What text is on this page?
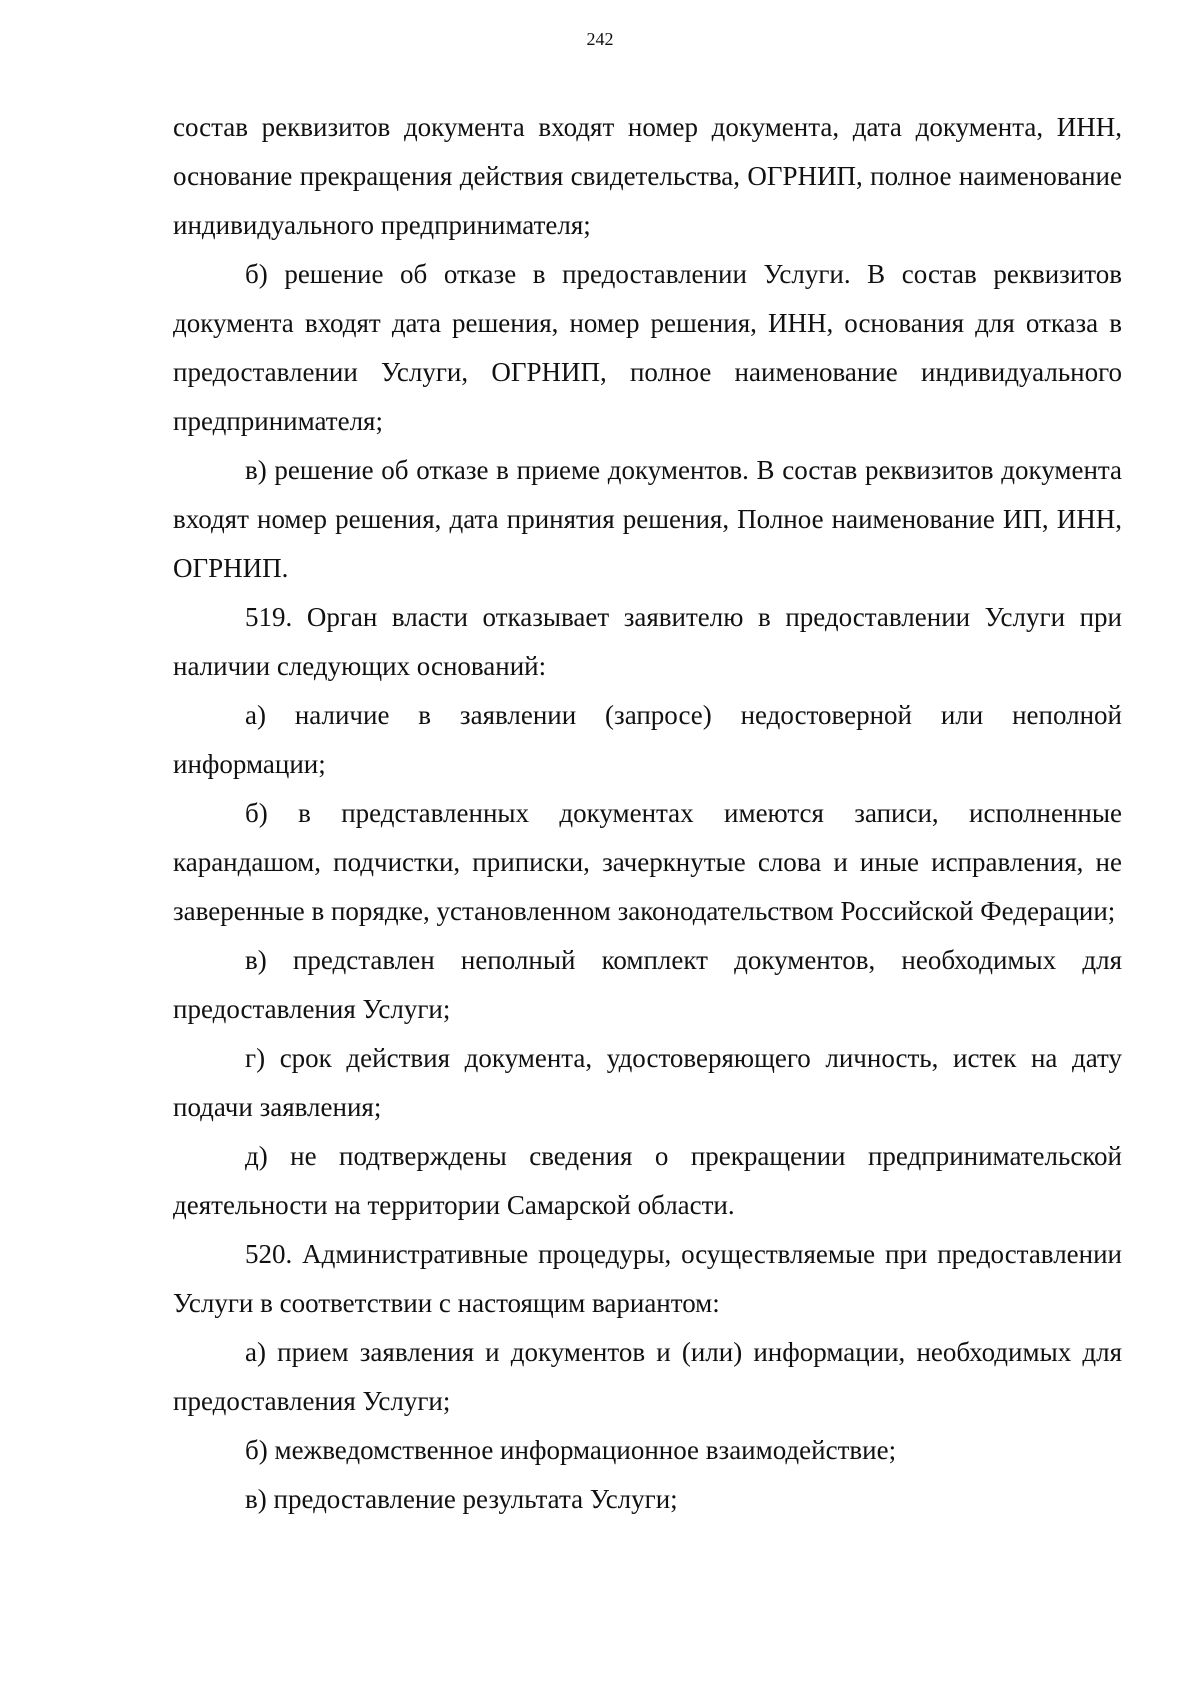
242

состав реквизитов документа входят номер документа, дата документа, ИНН, основание прекращения действия свидетельства, ОГРНИП, полное наименование индивидуального предпринимателя;

б) решение об отказе в предоставлении Услуги. В состав реквизитов документа входят дата решения, номер решения, ИНН, основания для отказа в предоставлении Услуги, ОГРНИП, полное наименование индивидуального предпринимателя;

в) решение об отказе в приеме документов. В состав реквизитов документа входят номер решения, дата принятия решения, Полное наименование ИП, ИНН, ОГРНИП.

519. Орган власти отказывает заявителю в предоставлении Услуги при наличии следующих оснований:

а) наличие в заявлении (запросе) недостоверной или неполной информации;

б) в представленных документах имеются записи, исполненные карандашом, подчистки, приписки, зачеркнутые слова и иные исправления, не заверенные в порядке, установленном законодательством Российской Федерации;

в) представлен неполный комплект документов, необходимых для предоставления Услуги;

г) срок действия документа, удостоверяющего личность, истек на дату подачи заявления;

д) не подтверждены сведения о прекращении предпринимательской деятельности на территории Самарской области.

520. Административные процедуры, осуществляемые при предоставлении Услуги в соответствии с настоящим вариантом:

а) прием заявления и документов и (или) информации, необходимых для предоставления Услуги;

б) межведомственное информационное взаимодействие;

в) предоставление результата Услуги;
